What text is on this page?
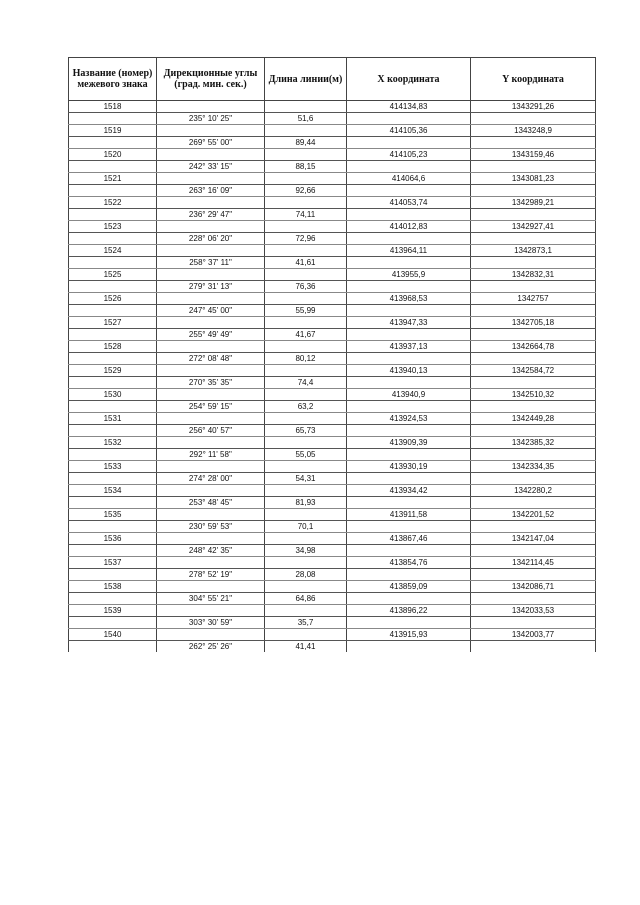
Название (номер) межевого знака	Дирекционные углы (град. мин. сек.)	Длина линии(м)	X координата	Y координата
1518			414134,83	1343291,26
	235° 10' 25"	51,6		
1519			414105,36	1343248,9
	269° 55' 00"	89,44		
1520			414105,23	1343159,46
	242° 33' 15"	88,15		
1521			414064,6	1343081,23
	263° 16' 09"	92,66		
1522			414053,74	1342989,21
	236° 29' 47"	74,11		
1523			414012,83	1342927,41
	228° 06' 20"	72,96		
1524			413964,11	1342873,1
	258° 37' 11"	41,61		
1525			413955,9	1342832,31
	279° 31' 13"	76,36		
1526			413968,53	1342757
	247° 45' 00"	55,99		
1527			413947,33	1342705,18
	255° 49' 49"	41,67		
1528			413937,13	1342664,78
	272° 08' 48"	80,12		
1529			413940,13	1342584,72
	270° 35' 35"	74,4		
1530			413940,9	1342510,32
	254° 59' 15"	63,2		
1531			413924,53	1342449,28
	256° 40' 57"	65,73		
1532			413909,39	1342385,32
	292° 11' 58"	55,05		
1533			413930,19	1342334,35
	274° 28' 00"	54,31		
1534			413934,42	1342280,2
	253° 48' 45"	81,93		
1535			413911,58	1342201,52
	230° 59' 53"	70,1		
1536			413867,46	1342147,04
	248° 42' 35"	34,98		
1537			413854,76	1342114,45
	278° 52' 19"	28,08		
1538			413859,09	1342086,71
	304° 55' 21"	64,86		
1539			413896,22	1342033,53
	303° 30' 59"	35,7		
1540			413915,93	1342003,77
	262° 25' 26"	41,41		
